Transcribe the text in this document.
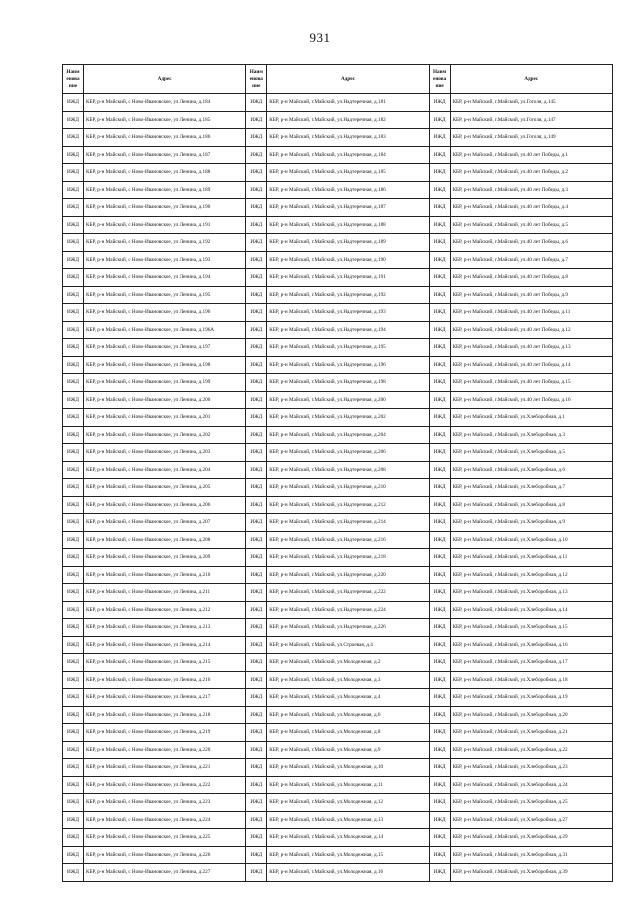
931
Наим енова ние	Адрес	Наим енова ние	Адрес	Наим енова ние	Адрес
ИЖД	КБР, р-н Майский, с Ново-Ивановское, ул Ленина, д.184	ИЖД	КБР, р-н Майский, г.Майский, ул.Надтеречная, д.181	ИЖД	КБР, р-н Майский, г.Майский, ул.Гоголя, д.145
ИЖД	КБР, р-н Майский, с Ново-Ивановское, ул Ленина, д.185	ИЖД	КБР, р-н Майский, г.Майский, ул.Надтеречная, д.182	ИЖД	КБР, р-н Майский, г.Майский, ул.Гоголя, д.147
ИЖД	КБР, р-н Майский, с Ново-Ивановское, ул Ленина, д.186	ИЖД	КБР, р-н Майский, г.Майский, ул.Надтеречная, д.183	ИЖД	КБР, р-н Майский, г.Майский, ул.Гоголя, д.149
ИЖД	КБР, р-н Майский, с Ново-Ивановское, ул Ленина, д.187	ИЖД	КБР, р-н Майский, г.Майский, ул.Надтеречная, д.184	ИЖД	КБР, р-н Майский, г.Майский, ул.40 лет Победы, д.1
ИЖД	КБР, р-н Майский, с Ново-Ивановское, ул Ленина, д.188	ИЖД	КБР, р-н Майский, г.Майский, ул.Надтеречная, д.185	ИЖД	КБР, р-н Майский, г.Майский, ул.40 лет Победы, д.2
ИЖД	КБР, р-н Майский, с Ново-Ивановское, ул Ленина, д.189	ИЖД	КБР, р-н Майский, г.Майский, ул.Надтеречная, д.186	ИЖД	КБР, р-н Майский, г.Майский, ул.40 лет Победы, д.3
ИЖД	КБР, р-н Майский, с Ново-Ивановское, ул Ленина, д.190	ИЖД	КБР, р-н Майский, г.Майский, ул.Надтеречная, д.187	ИЖД	КБР, р-н Майский, г.Майский, ул.40 лет Победы, д.4
ИЖД	КБР, р-н Майский, с Ново-Ивановское, ул Ленина, д.191	ИЖД	КБР, р-н Майский, г.Майский, ул.Надтеречная, д.188	ИЖД	КБР, р-н Майский, г.Майский, ул.40 лет Победы, д.5
ИЖД	КБР, р-н Майский, с Ново-Ивановское, ул Ленина, д.192	ИЖД	КБР, р-н Майский, г.Майский, ул.Надтеречная, д.189	ИЖД	КБР, р-н Майский, г.Майский, ул.40 лет Победы, д.6
ИЖД	КБР, р-н Майский, с Ново-Ивановское, ул Ленина, д.193	ИЖД	КБР, р-н Майский, г.Майский, ул.Надтеречная, д.190	ИЖД	КБР, р-н Майский, г.Майский, ул.40 лет Победы, д.7
ИЖД	КБР, р-н Майский, с Ново-Ивановское, ул Ленина, д.194	ИЖД	КБР, р-н Майский, г.Майский, ул.Надтеречная, д.191	ИЖД	КБР, р-н Майский, г.Майский, ул.40 лет Победы, д.8
ИЖД	КБР, р-н Майский, с Ново-Ивановское, ул Ленина, д.195	ИЖД	КБР, р-н Майский, г.Майский, ул.Надтеречная, д.192	ИЖД	КБР, р-н Майский, г.Майский, ул.40 лет Победы, д.9
ИЖД	КБР, р-н Майский, с Ново-Ивановское, ул Ленина, д.196	ИЖД	КБР, р-н Майский, г.Майский, ул.Надтеречная, д.193	ИЖД	КБР, р-н Майский, г.Майский, ул.40 лет Победы, д.11
ИЖД	КБР, р-н Майский, с Ново-Ивановское, ул Ленина, д.196А	ИЖД	КБР, р-н Майский, г.Майский, ул.Надтеречная, д.194	ИЖД	КБР, р-н Майский, г.Майский, ул.40 лет Победы, д.12
ИЖД	КБР, р-н Майский, с Ново-Ивановское, ул Ленина, д.197	ИЖД	КБР, р-н Майский, г.Майский, ул.Надтеречная, д.195	ИЖД	КБР, р-н Майский, г.Майский, ул.40 лет Победы, д.13
ИЖД	КБР, р-н Майский, с Ново-Ивановское, ул Ленина, д.198	ИЖД	КБР, р-н Майский, г.Майский, ул.Надтеречная, д.196	ИЖД	КБР, р-н Майский, г.Майский, ул.40 лет Победы, д.14
ИЖД	КБР, р-н Майский, с Ново-Ивановское, ул Ленина, д.199	ИЖД	КБР, р-н Майский, г.Майский, ул.Надтеречная, д.198	ИЖД	КБР, р-н Майский, г.Майский, ул.40 лет Победы, д.15
ИЖД	КБР, р-н Майский, с Ново-Ивановское, ул Ленина, д.200	ИЖД	КБР, р-н Майский, г.Майский, ул.Надтеречная, д.200	ИЖД	КБР, р-н Майский, г.Майский, ул.40 лет Победы, д.16
ИЖД	КБР, р-н Майский, с Ново-Ивановское, ул Ленина, д.201	ИЖД	КБР, р-н Майский, г.Майский, ул.Надтеречная, д.202	ИЖД	КБР, р-н Майский, г.Майский, ул.Хлеборобная, д.1
ИЖД	КБР, р-н Майский, с Ново-Ивановское, ул Ленина, д.202	ИЖД	КБР, р-н Майский, г.Майский, ул.Надтеречная, д.204	ИЖД	КБР, р-н Майский, г.Майский, ул.Хлеборобная, д.3
ИЖД	КБР, р-н Майский, с Ново-Ивановское, ул Ленина, д.203	ИЖД	КБР, р-н Майский, г.Майский, ул.Надтеречная, д.206	ИЖД	КБР, р-н Майский, г.Майский, ул.Хлеборобная, д.5
ИЖД	КБР, р-н Майский, с Ново-Ивановское, ул Ленина, д.204	ИЖД	КБР, р-н Майский, г.Майский, ул.Надтеречная, д.208	ИЖД	КБР, р-н Майский, г.Майский, ул.Хлеборобная, д.6
ИЖД	КБР, р-н Майский, с Ново-Ивановское, ул Ленина, д.205	ИЖД	КБР, р-н Майский, г.Майский, ул.Надтеречная, д.210	ИЖД	КБР, р-н Майский, г.Майский, ул.Хлеборобная, д.7
ИЖД	КБР, р-н Майский, с Ново-Ивановское, ул Ленина, д.206	ИЖД	КБР, р-н Майский, г.Майский, ул.Надтеречная, д.212	ИЖД	КБР, р-н Майский, г.Майский, ул.Хлеборобная, д.8
ИЖД	КБР, р-н Майский, с Ново-Ивановское, ул Ленина, д.207	ИЖД	КБР, р-н Майский, г.Майский, ул.Надтеречная, д.214	ИЖД	КБР, р-н Майский, г.Майский, ул.Хлеборобная, д.9
ИЖД	КБР, р-н Майский, с Ново-Ивановское, ул Ленина, д.208	ИЖД	КБР, р-н Майский, г.Майский, ул.Надтеречная, д.216	ИЖД	КБР, р-н Майский, г.Майский, ул.Хлеборобная, д.10
ИЖД	КБР, р-н Майский, с Ново-Ивановское, ул Ленина, д.209	ИЖД	КБР, р-н Майский, г.Майский, ул.Надтеречная, д.218	ИЖД	КБР, р-н Майский, г.Майский, ул.Хлеборобная, д.11
ИЖД	КБР, р-н Майский, с Ново-Ивановское, ул Ленина, д.210	ИЖД	КБР, р-н Майский, г.Майский, ул.Надтеречная, д.220	ИЖД	КБР, р-н Майский, г.Майский, ул.Хлеборобная, д.12
ИЖД	КБР, р-н Майский, с Ново-Ивановское, ул Ленина, д.211	ИЖД	КБР, р-н Майский, г.Майский, ул.Надтеречная, д.222	ИЖД	КБР, р-н Майский, г.Майский, ул.Хлеборобная, д.13
ИЖД	КБР, р-н Майский, с Ново-Ивановское, ул Ленина, д.212	ИЖД	КБР, р-н Майский, г.Майский, ул.Надтеречная, д.224	ИЖД	КБР, р-н Майский, г.Майский, ул.Хлеборобная, д.14
ИЖД	КБР, р-н Майский, с Ново-Ивановское, ул Ленина, д.213	ИЖД	КБР, р-н Майский, г.Майский, ул.Надтеречная, д.226	ИЖД	КБР, р-н Майский, г.Майский, ул.Хлеборобная, д.15
ИЖД	КБР, р-н Майский, с Ново-Ивановское, ул Ленина, д.214	ИЖД	КБР, р-н Майский, г.Майский, ул.Строевая, д.4	ИЖД	КБР, р-н Майский, г.Майский, ул.Хлеборобная, д.16
ИЖД	КБР, р-н Майский, с Ново-Ивановское, ул Ленина, д.215	ИЖД	КБР, р-н Майский, г.Майский, ул.Молодежная, д.2	ИЖД	КБР, р-н Майский, г.Майский, ул.Хлеборобная, д.17
ИЖД	КБР, р-н Майский, с Ново-Ивановское, ул Ленина, д.216	ИЖД	КБР, р-н Майский, г.Майский, ул.Молодежная, д.3	ИЖД	КБР, р-н Майский, г.Майский, ул.Хлеборобная, д.18
ИЖД	КБР, р-н Майский, с Ново-Ивановское, ул Ленина, д.217	ИЖД	КБР, р-н Майский, г.Майский, ул.Молодежная, д.4	ИЖД	КБР, р-н Майский, г.Майский, ул.Хлеборобная, д.19
ИЖД	КБР, р-н Майский, с Ново-Ивановское, ул Ленина, д.218	ИЖД	КБР, р-н Майский, г.Майский, ул.Молодежная, д.6	ИЖД	КБР, р-н Майский, г.Майский, ул.Хлеборобная, д.20
ИЖД	КБР, р-н Майский, с Ново-Ивановское, ул Ленина, д.219	ИЖД	КБР, р-н Майский, г.Майский, ул.Молодежная, д.8	ИЖД	КБР, р-н Майский, г.Майский, ул.Хлеборобная, д.21
ИЖД	КБР, р-н Майский, с Ново-Ивановское, ул Ленина, д.220	ИЖД	КБР, р-н Майский, г.Майский, ул.Молодежная, д.9	ИЖД	КБР, р-н Майский, г.Майский, ул.Хлеборобная, д.22
ИЖД	КБР, р-н Майский, с Ново-Ивановское, ул Ленина, д.221	ИЖД	КБР, р-н Майский, г.Майский, ул.Молодежная, д.10	ИЖД	КБР, р-н Майский, г.Майский, ул.Хлеборобная, д.23
ИЖД	КБР, р-н Майский, с Ново-Ивановское, ул Ленина, д.222	ИЖД	КБР, р-н Майский, г.Майский, ул.Молодежная, д.11	ИЖД	КБР, р-н Майский, г.Майский, ул.Хлеборобная, д.24
ИЖД	КБР, р-н Майский, с Ново-Ивановское, ул Ленина, д.223	ИЖД	КБР, р-н Майский, г.Майский, ул.Молодежная, д.12	ИЖД	КБР, р-н Майский, г.Майский, ул.Хлеборобная, д.25
ИЖД	КБР, р-н Майский, с Ново-Ивановское, ул Ленина, д.224	ИЖД	КБР, р-н Майский, г.Майский, ул.Молодежная, д.13	ИЖД	КБР, р-н Майский, г.Майский, ул.Хлеборобная, д.27
ИЖД	КБР, р-н Майский, с Ново-Ивановское, ул Ленина, д.225	ИЖД	КБР, р-н Майский, г.Майский, ул.Молодежная, д.14	ИЖД	КБР, р-н Майский, г.Майский, ул.Хлеборобная, д.29
ИЖД	КБР, р-н Майский, с Ново-Ивановское, ул Ленина, д.226	ИЖД	КБР, р-н Майский, г.Майский, ул.Молодежная, д.15	ИЖД	КБР, р-н Майский, г.Майский, ул.Хлеборобная, д.31
ИЖД	КБР, р-н Майский, с Ново-Ивановское, ул Ленина, д.227	ИЖД	КБР, р-н Майский, г.Майский, ул.Молодежная, д.16	ИЖД	КБР, р-н Майский, г.Майский, ул.Хлеборобная, д.39
